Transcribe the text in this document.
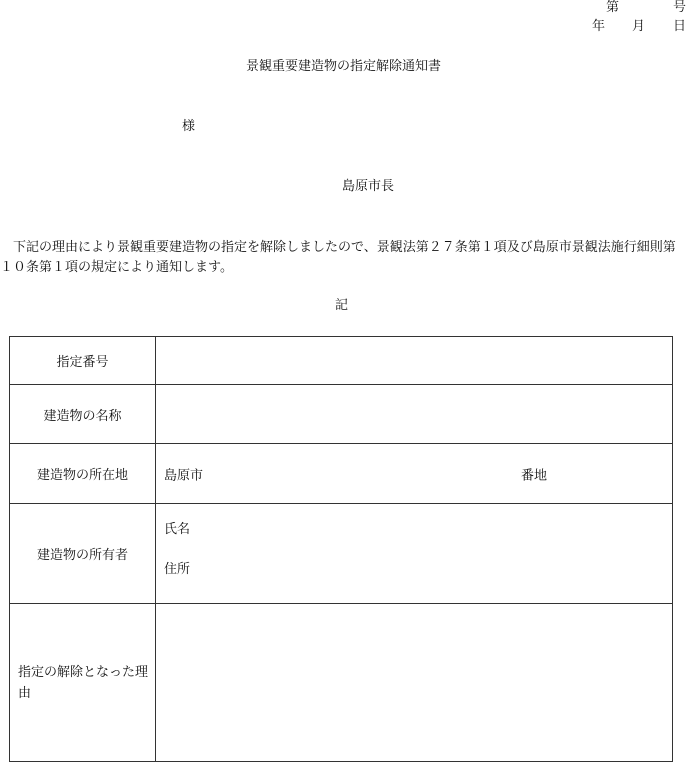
第	号
年 月 日
景観重要建造物の指定解除通知書
様
島原市長
　下記の理由により景観重要建造物の指定を解除しましたので、景観法第２７条第１項及び島原市景観法施行細則第
１０条第１項の規定により通知します。
記
指定番号	
建造物の名称	
建造物の所在地	島原市 番地

建造物の所有者	氏名
住所

指定の解除となった理由	
